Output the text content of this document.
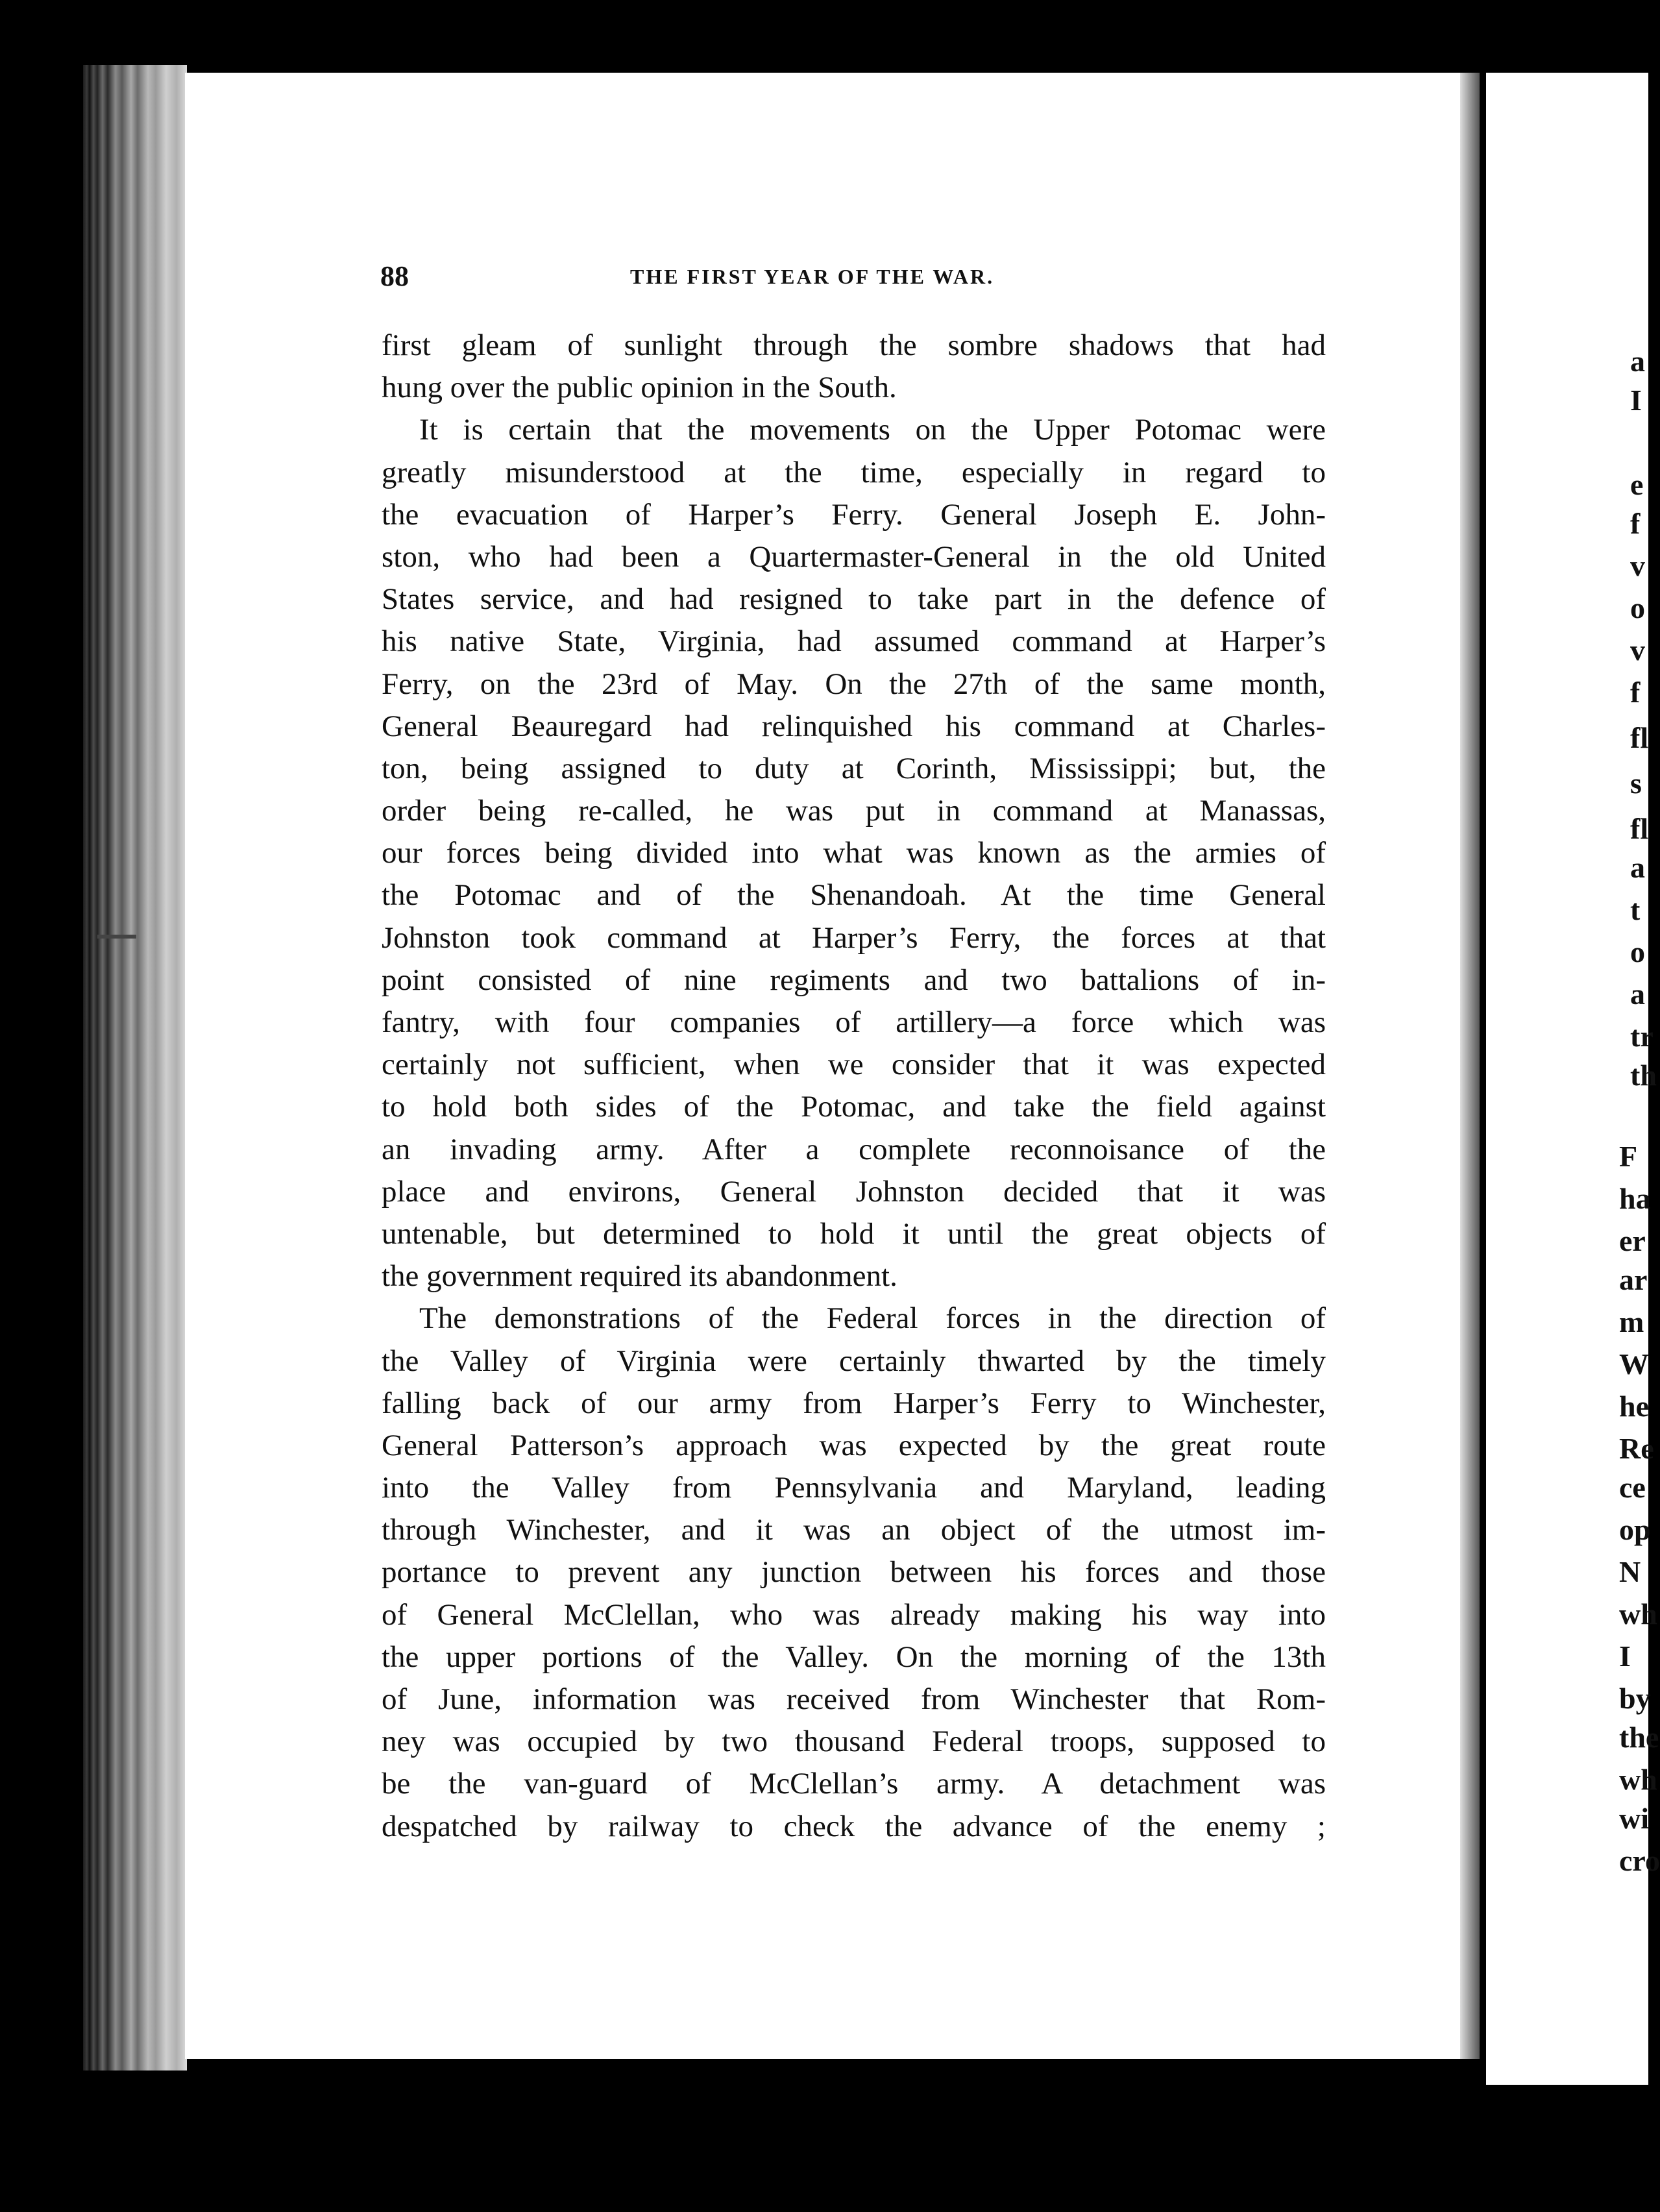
88	THE FIRST YEAR OF THE WAR.
first gleam of sunlight through the sombre shadows that had
hung over the public opinion in the South.
It is certain that the movements on the Upper Potomac were
greatly misunderstood at the time, especially in regard to
the evacuation of Harper’s Ferry. General Joseph E. John-
ston, who had been a Quartermaster-General in the old United
States service, and had resigned to take part in the defence of
his native State, Virginia, had assumed command at Harper’s
Ferry, on the 23rd of May. On the 27th of the same month,
General Beauregard had relinquished his command at Charles-
ton, being assigned to duty at Corinth, Mississippi; but, the
order being re-called, he was put in command at Manassas,
our forces being divided into what was known as the armies of
the Potomac and of the Shenandoah. At the time General
Johnston took command at Harper’s Ferry, the forces at that
point consisted of nine regiments and two battalions of in-
fantry, with four companies of artillery—a force which was
certainly not sufficient, when we consider that it was expected
to hold both sides of the Potomac, and take the field against
an invading army. After a complete reconnoisance of the
place and environs, General Johnston decided that it was
untenable, but determined to hold it until the great objects of
the government required its abandonment.
The demonstrations of the Federal forces in the direction of
the Valley of Virginia were certainly thwarted by the timely
falling back of our army from Harper’s Ferry to Winchester,
General Patterson’s approach was expected by the great route
into the Valley from Pennsylvania and Maryland, leading
through Winchester, and it was an object of the utmost im-
portance to prevent any junction between his forces and those
of General McClellan, who was already making his way into
the upper portions of the Valley. On the morning of the 13th
of June, information was received from Winchester that Rom-
ney was occupied by two thousand Federal troops, supposed to
be the van-guard of McClellan’s army. A detachment was
despatched by railway to check the advance of the enemy ;
a
I
e
f
v
o
v
f
fl
s
fl
a
t
o
a
tr
th
F
ha
er
ar
m
W
he
Re
ce
op
N
wh
I
by
the
wh
wi
cro
